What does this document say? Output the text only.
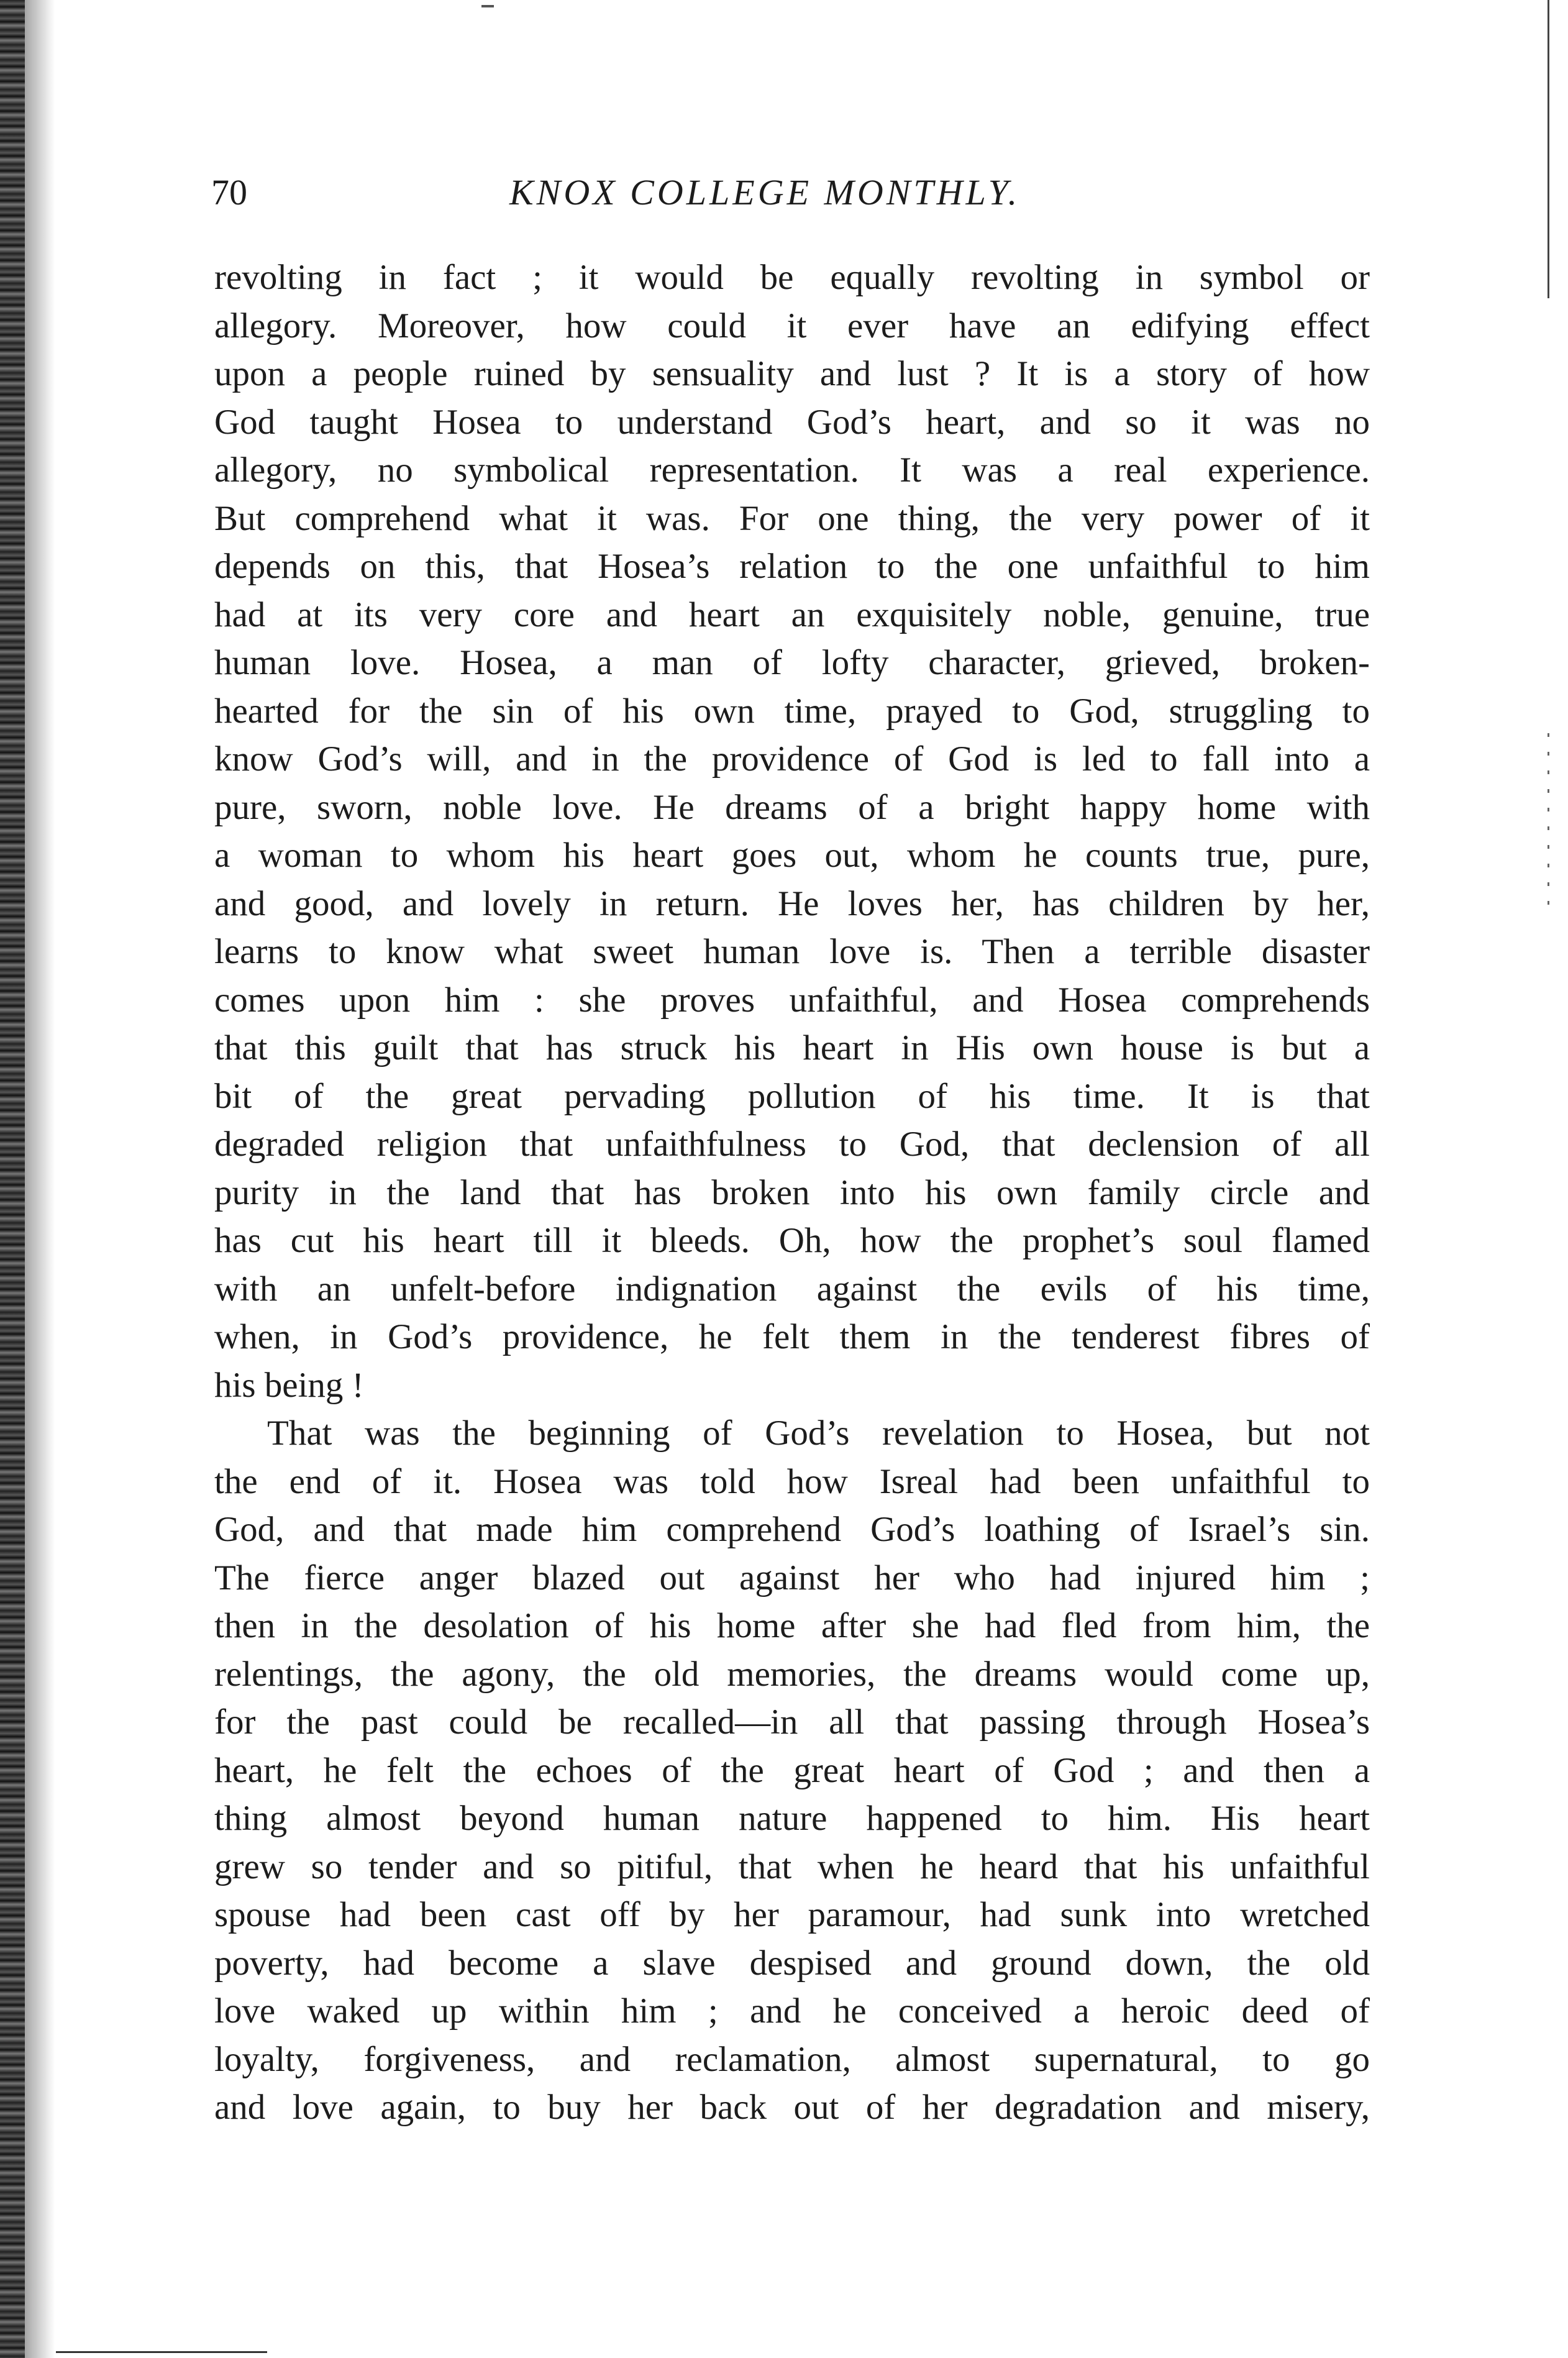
70	KNOX COLLEGE MONTHLY.
revolting in fact ; it would be equally revolting in symbol or
allegory. Moreover, how could it ever have an edifying effect
upon a people ruined by sensuality and lust ? It is a story of how
God taught Hosea to understand God’s heart, and so it was no
allegory, no symbolical representation. It was a real experience.
But comprehend what it was. For one thing, the very power of it
depends on this, that Hosea’s relation to the one unfaithful to him
had at its very core and heart an exquisitely noble, genuine, true
human love. Hosea, a man of lofty character, grieved, broken-
hearted for the sin of his own time, prayed to God, struggling to
know God’s will, and in the providence of God is led to fall into a
pure, sworn, noble love. He dreams of a bright happy home with
a woman to whom his heart goes out, whom he counts true, pure,
and good, and lovely in return. He loves her, has children by her,
learns to know what sweet human love is. Then a terrible disaster
comes upon him : she proves unfaithful, and Hosea comprehends
that this guilt that has struck his heart in His own house is but a
bit of the great pervading pollution of his time. It is that
degraded religion that unfaithfulness to God, that declension of all
purity in the land that has broken into his own family circle and
has cut his heart till it bleeds. Oh, how the prophet’s soul flamed
with an unfelt-before indignation against the evils of his time,
when, in God’s providence, he felt them in the tenderest fibres of
his being !
That was the beginning of God’s revelation to Hosea, but not
the end of it. Hosea was told how Isreal had been unfaithful to
God, and that made him comprehend God’s loathing of Israel’s sin.
The fierce anger blazed out against her who had injured him ;
then in the desolation of his home after she had fled from him, the
relentings, the agony, the old memories, the dreams would come up,
for the past could be recalled—in all that passing through Hosea’s
heart, he felt the echoes of the great heart of God ; and then a
thing almost beyond human nature happened to him. His heart
grew so tender and so pitiful, that when he heard that his unfaithful
spouse had been cast off by her paramour, had sunk into wretched
poverty, had become a slave despised and ground down, the old
love waked up within him ; and he conceived a heroic deed of
loyalty, forgiveness, and reclamation, almost supernatural, to go
and love again, to buy her back out of her degradation and misery,
